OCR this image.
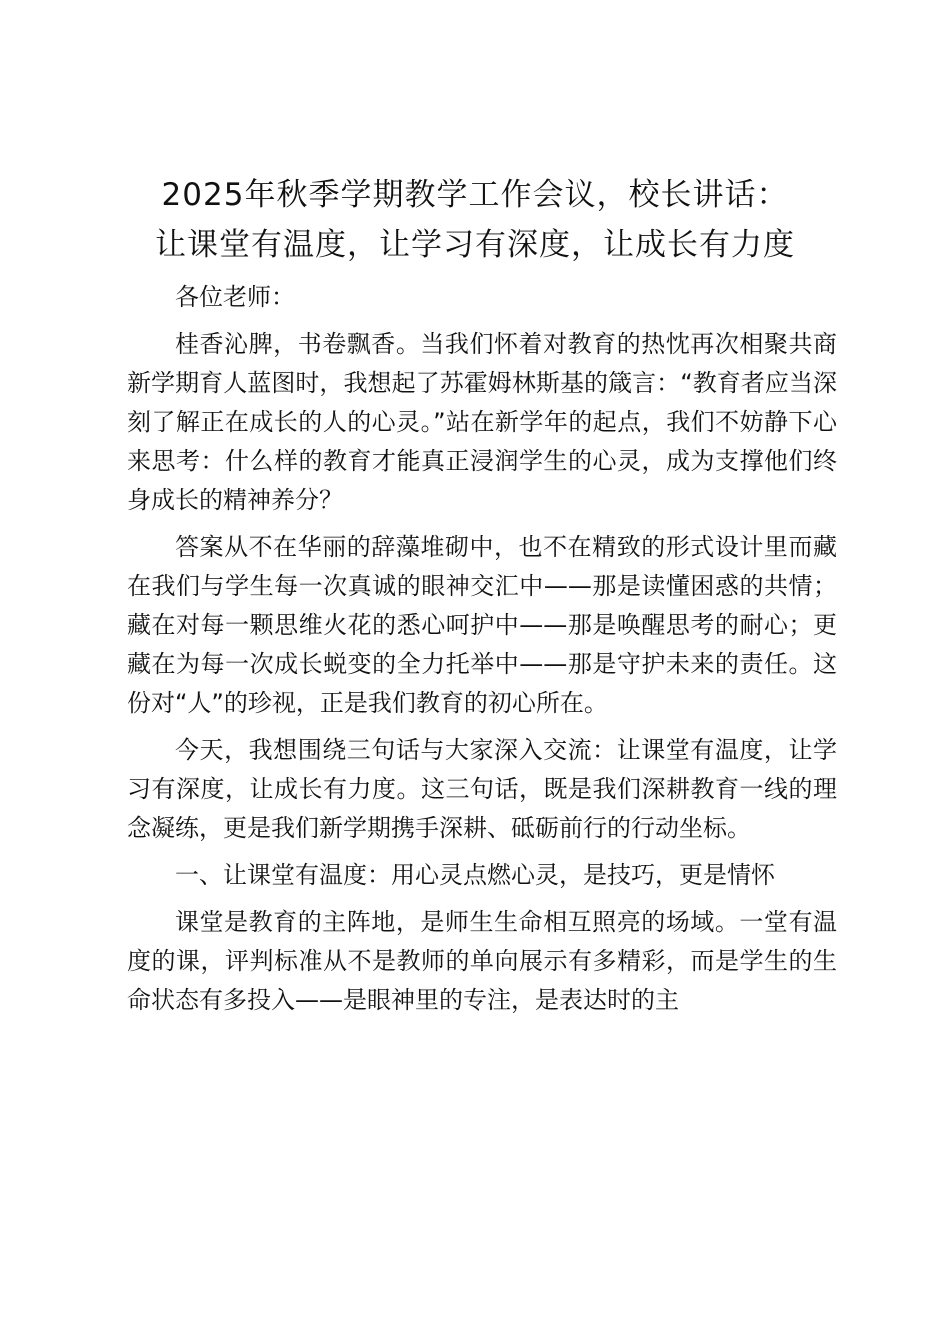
2025年秋季学期教学工作会议，校长讲话：
让课堂有温度，让学习有深度，让成长有力度

各位老师：

桂香沁脾，书卷飘香。当我们怀着对教育的热忱再次相聚共商新学期育人蓝图时，我想起了苏霍姆林斯基的箴言：“教育者应当深刻了解正在成长的人的心灵。”站在新学年的起点，我们不妨静下心来思考：什么样的教育才能真正浸润学生的心灵，成为支撑他们终身成长的精神养分？

答案从不在华丽的辞藻堆砌中，也不在精致的形式设计里而藏在我们与学生每一次真诚的眼神交汇中——那是读懂困惑的共情；藏在对每一颗思维火花的悉心呵护中——那是唤醒思考的耐心；更藏在为每一次成长蜕变的全力托举中——那是守护未来的责任。这份对“人”的珍视，正是我们教育的初心所在。

今天，我想围绕三句话与大家深入交流：让课堂有温度，让学习有深度，让成长有力度。这三句话，既是我们深耕教育一线的理念凝练，更是我们新学期携手深耕、砥砺前行的行动坐标。

一、让课堂有温度：用心灵点燃心灵，是技巧，更是情怀

课堂是教育的主阵地，是师生生命相互照亮的场域。一堂有温度的课，评判标准从不是教师的单向展示有多精彩，而是学生的生命状态有多投入——是眼神里的专注，是表达时的主
